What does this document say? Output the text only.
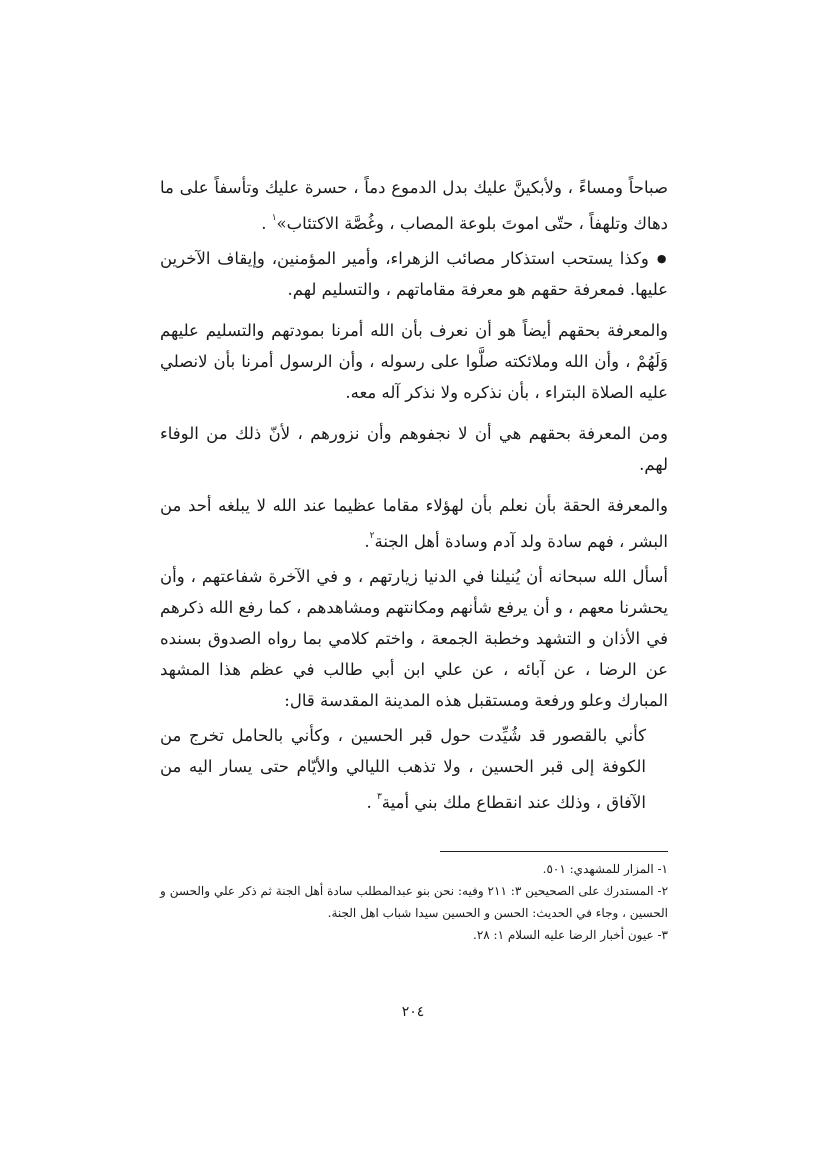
صباحاً ومساءً ، ولأبكينَّ عليك بدل الدموع دماً ، حسرة عليك وتأسفاً على ما دهاك وتلهفاً ، حتّى اموتَ بلوعة المصاب ، وغُصَّة الاكتئاب»$^١$ .

● وكذا يستحب استذكار مصائب الزهراء، وأمير المؤمنين، وإيقاف الآخرين عليها. فمعرفة حقهم هو معرفة مقاماتهم ، والتسليم لهم.

والمعرفة بحقهم أيضاً هو أن نعرف بأن الله أمرنا بمودتهم والتسليم عليهم وَلَهُمْ ، وأن الله وملائكته صلَّوا على رسوله ، وأن الرسول أمرنا بأن لانصلي عليه الصلاة البتراء ، بأن نذكره ولا نذكر آله معه.

ومن المعرفة بحقهم هي أن لا نجفوهم وأن نزورهم ، لأنّ ذلك من الوفاء لهم.

والمعرفة الحقة بأن نعلم بأن لهؤلاء مقاما عظيما عند الله لا يبلغه أحد من البشر ، فهم سادة ولد آدم وسادة أهل الجنة$^٢$.

أسأل الله سبحانه أن يُنيلنا في الدنيا زيارتهم ، و في الآخرة شفاعتهم ، وأن يحشرنا معهم ، و أن يرفع شأنهم ومكانتهم ومشاهدهم ، كما رفع الله ذكرهم في الأذان و التشهد وخطبة الجمعة ، واختم كلامي بما رواه الصدوق بسنده عن الرضا ، عن آبائه ، عن علي ابن أبي طالب في عظم هذا المشهد المبارك وعلو ورفعة ومستقبل هذه المدينة المقدسة قال:

كأني بالقصور قد شُيِّدت حول قبر الحسين ، وكأني بالحامل تخرج من الكوفة إلى قبر الحسين ، ولا تذهب الليالي والأيّام حتى يسار اليه من الآفاق ، وذلك عند انقطاع ملك بني أمية$^٣$ .

١- المزار للمشهدي: ٥٠١.

٢- المستدرك على الصحيحين ٣: ٢١١ وفيه: نحن بنو عبدالمطلب سادة أهل الجنة ثم ذكر علي والحسن و الحسين ، وجاء في الحديث: الحسن و الحسين سيدا شباب اهل الجنة.

٣- عيون أخبار الرضا عليه السلام ١: ٢٨.

٢٠٤
